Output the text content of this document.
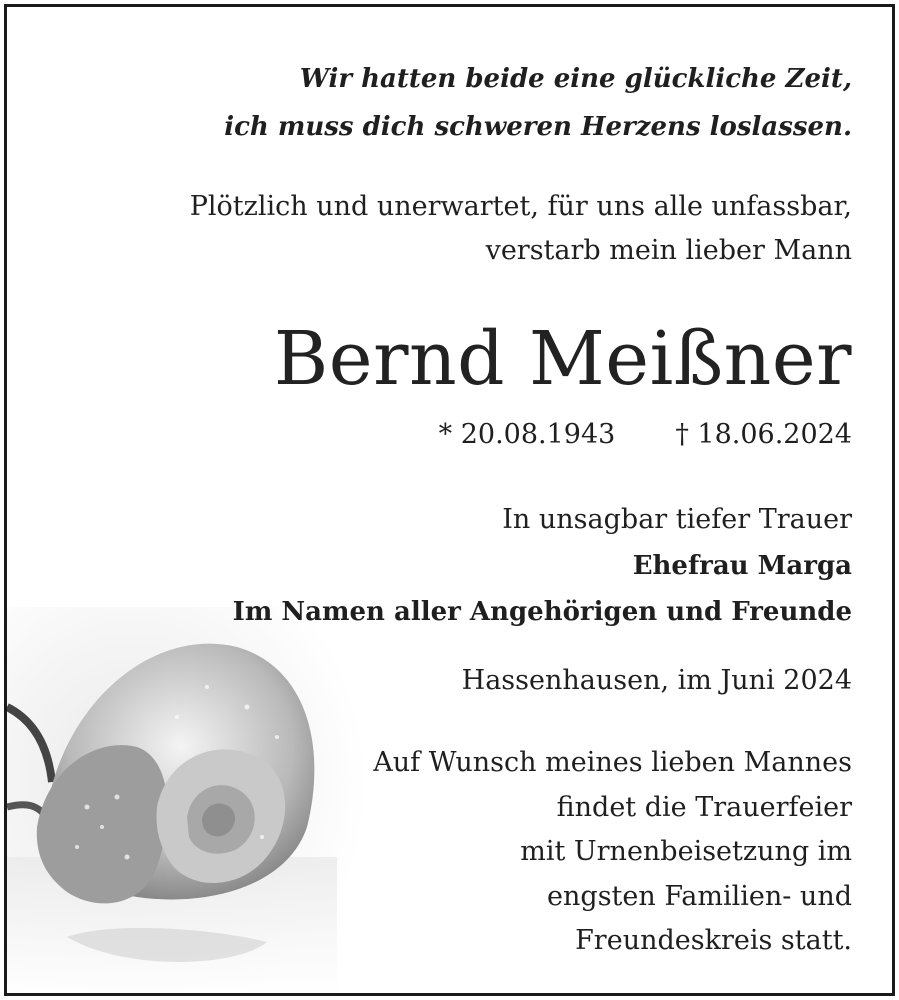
Wir hatten beide eine glückliche Zeit,
ich muss dich schweren Herzens loslassen.
Plötzlich und unerwartet, für uns alle unfassbar,
verstarb mein lieber Mann
Bernd Meißner
* 20.08.1943 † 18.06.2024
In unsagbar tiefer Trauer
Ehefrau Marga
Im Namen aller Angehörigen und Freunde
Hassenhausen, im Juni 2024
Auf Wunsch meines lieben Mannes
findet die Trauerfeier
mit Urnenbeisetzung im
engsten Familien- und
Freundeskreis statt.
